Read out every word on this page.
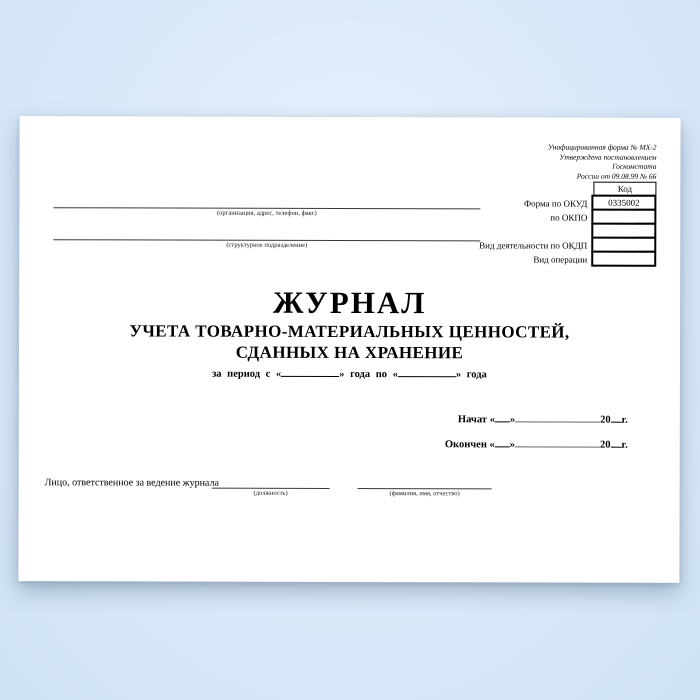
Унифицированная форма № МХ-2
Утверждена постановлением
Госкомстата
России от 09.08.99 № 66
Код
Форма по ОКУД	0335002
по ОКПО
Вид деятельности по ОКДП
Вид операции
(организация, адрес, телефон, факс)
(структурное подразделение)
ЖУРНАЛ
УЧЕТА ТОВАРНО-МАТЕРИАЛЬНЫХ ЦЕННОСТЕЙ,
СДАННЫХ НА ХРАНЕНИЕ
за период с «	» года по «	» года
Начат
« »	20 г.
Окончен
« »	20 г.
Лицо, ответственное за ведение журнала
(должность)	(фамилия, имя, отчество)
